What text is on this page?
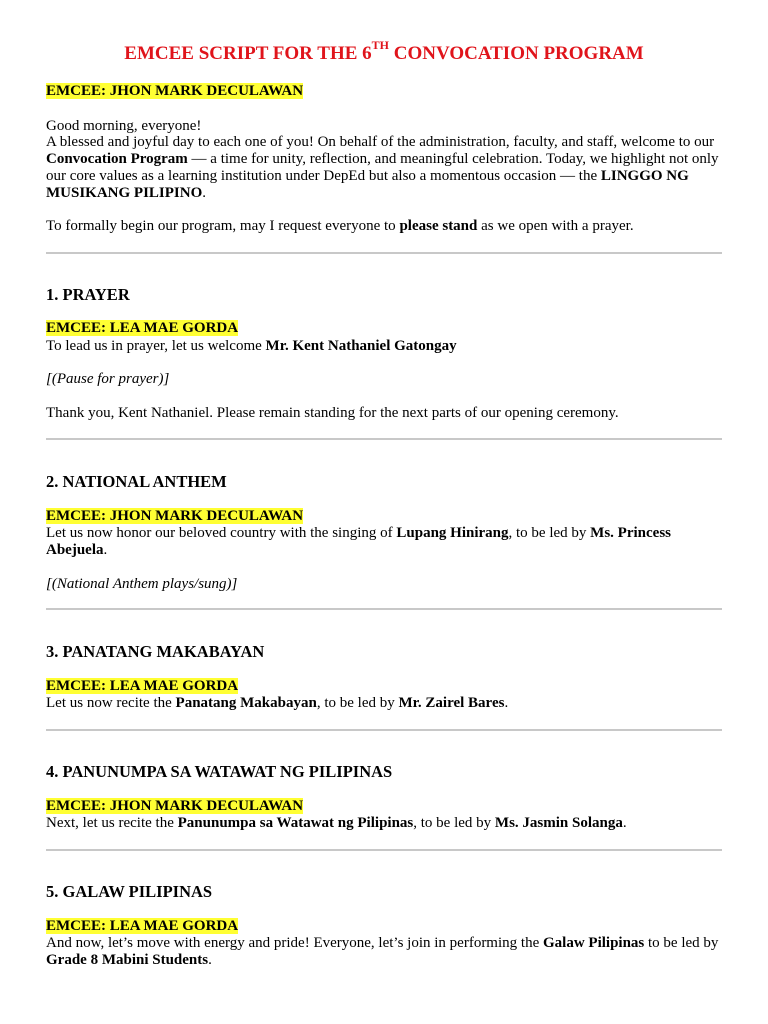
EMCEE SCRIPT FOR THE 6TH CONVOCATION PROGRAM

EMCEE: JHON MARK DECULAWAN

Good morning, everyone!

A blessed and joyful day to each one of you! On behalf of the administration, faculty, and staff, welcome to our Convocation Program — a time for unity, reflection, and meaningful celebration. Today, we highlight not only our core values as a learning institution under DepEd but also a momentous occasion — the LINGGO NG MUSIKANG PILIPINO.

To formally begin our program, may I request everyone to please stand as we open with a prayer.

1. PRAYER

EMCEE: LEA MAE GORDA

To lead us in prayer, let us welcome Mr. Kent Nathaniel Gatongay

[(Pause for prayer)]

Thank you, Kent Nathaniel. Please remain standing for the next parts of our opening ceremony.

2. NATIONAL ANTHEM

EMCEE: JHON MARK DECULAWAN

Let us now honor our beloved country with the singing of Lupang Hinirang, to be led by Ms. Princess Abejuela.

[(National Anthem plays/sung)]

3. PANATANG MAKABAYAN

EMCEE: LEA MAE GORDA

Let us now recite the Panatang Makabayan, to be led by Mr. Zairel Bares.

4. PANUNUMPA SA WATAWAT NG PILIPINAS

EMCEE: JHON MARK DECULAWAN

Next, let us recite the Panunumpa sa Watawat ng Pilipinas, to be led by Ms. Jasmin Solanga.

5. GALAW PILIPINAS

EMCEE: LEA MAE GORDA

And now, let’s move with energy and pride! Everyone, let’s join in performing the Galaw Pilipinas to be led by Grade 8 Mabini Students.
